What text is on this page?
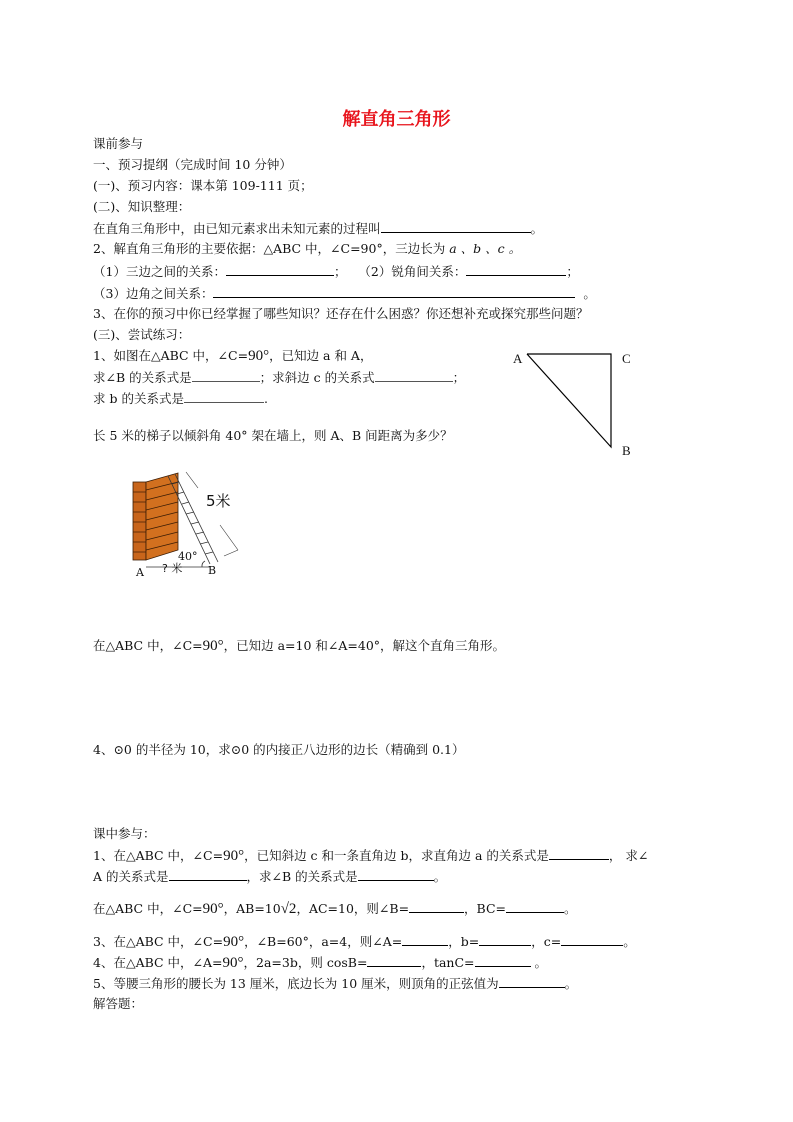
解直角三角形
课前参与
一、预习提纲（完成时间 10 分钟）
(一)、预习内容：课本第 109-111 页；
(二)、知识整理：
在直角三角形中，由已知元素求出未知元素的过程叫	。
2、解直角三角形的主要依据：△ABC 中，∠C=90°，三边长为 a 、b 、c 。
（1）三边之间的关系：	； （2）锐角间关系：	；
（3）边角之间关系：	。
3、在你的预习中你已经掌握了哪些知识？还存在什么困惑？你还想补充或探究那些问题？
(三)、尝试练习：
1、如图在△ABC 中，∠C=90°，已知边 a 和 A，
求∠B 的关系式是	；求斜边 c 的关系式	；
求 b 的关系式是	.
A	C
B
长 5 米的梯子以倾斜角 40° 架在墙上，则 A、B 间距离为多少？
5米
40°
? 米
A	B
在△ABC 中，∠C=90°，已知边 a=10 和∠A=40°，解这个直角三角形。
4、⊙0 的半径为 10，求⊙0 的内接正八边形的边长（精确到 0.1）
课中参与：
1、在△ABC 中，∠C=90°，已知斜边 c 和一条直角边 b，求直角边 a 的关系式是	， 求∠
A 的关系式是	，求∠B 的关系式是	。
在△ABC 中，∠C=90°，AB=10√2，AC=10，则∠B=	，BC=	。
3、在△ABC 中，∠C=90°，∠B=60°，a=4，则∠A=	，b=	，c=	。
4、在△ABC 中，∠A=90°，2a=3b，则 cosB=	，tanC=	。
5、等腰三角形的腰长为 13 厘米，底边长为 10 厘米，则顶角的正弦值为	。
解答题：
